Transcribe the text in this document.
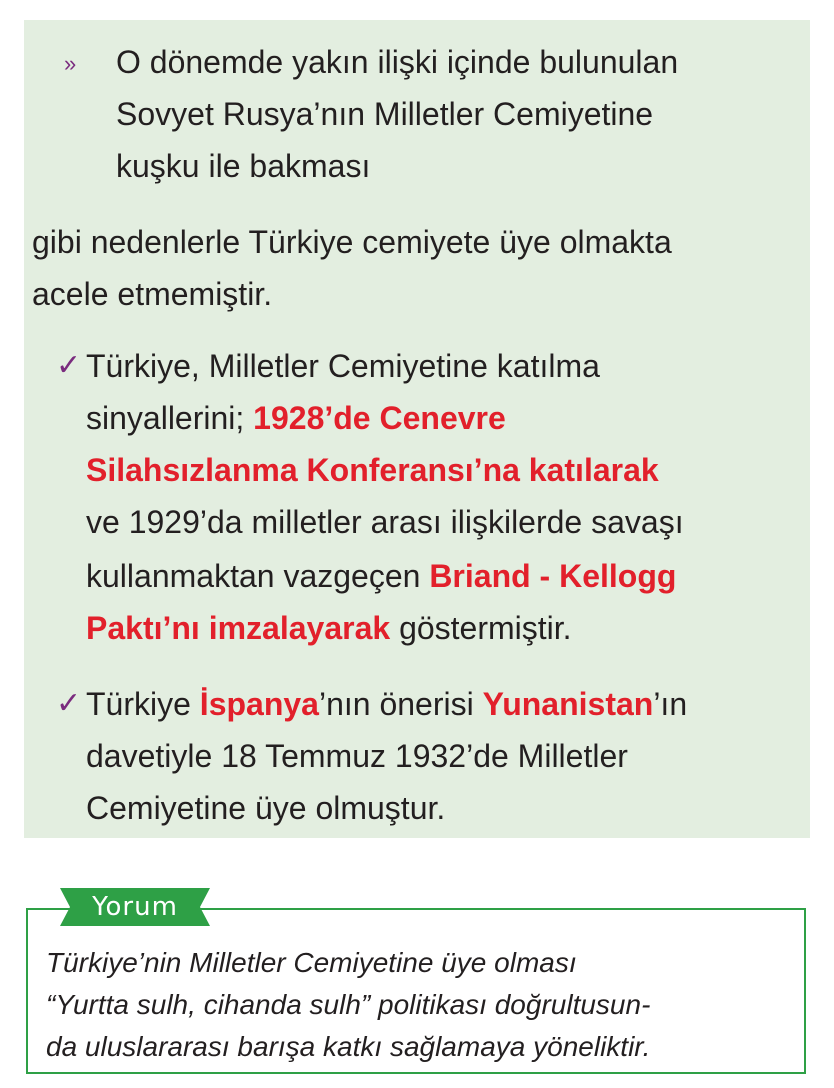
» O dönemde yakın ilişki içinde bulunulan
Sovyet Rusya’nın Milletler Cemiyetine
kuşku ile bakması
gibi nedenlerle Türkiye cemiyete üye olmakta
acele etmemiştir.
✓ Türkiye, Milletler Cemiyetine katılma
sinyallerini; 1928’de Cenevre
Silahsızlanma Konferansı’na katılarak
ve 1929’da milletler arası ilişkilerde savaşı
kullanmaktan vazgeçen Briand - Kellogg
Paktı’nı imzalayarak göstermiştir.
✓ Türkiye İspanya’nın önerisi Yunanistan’ın
davetiyle 18 Temmuz 1932’de Milletler
Cemiyetine üye olmuştur.
Yorum
Türkiye’nin Milletler Cemiyetine üye olması
“Yurtta sulh, cihanda sulh” politikası doğrultusun-
da uluslararası barışa katkı sağlamaya yöneliktir.
